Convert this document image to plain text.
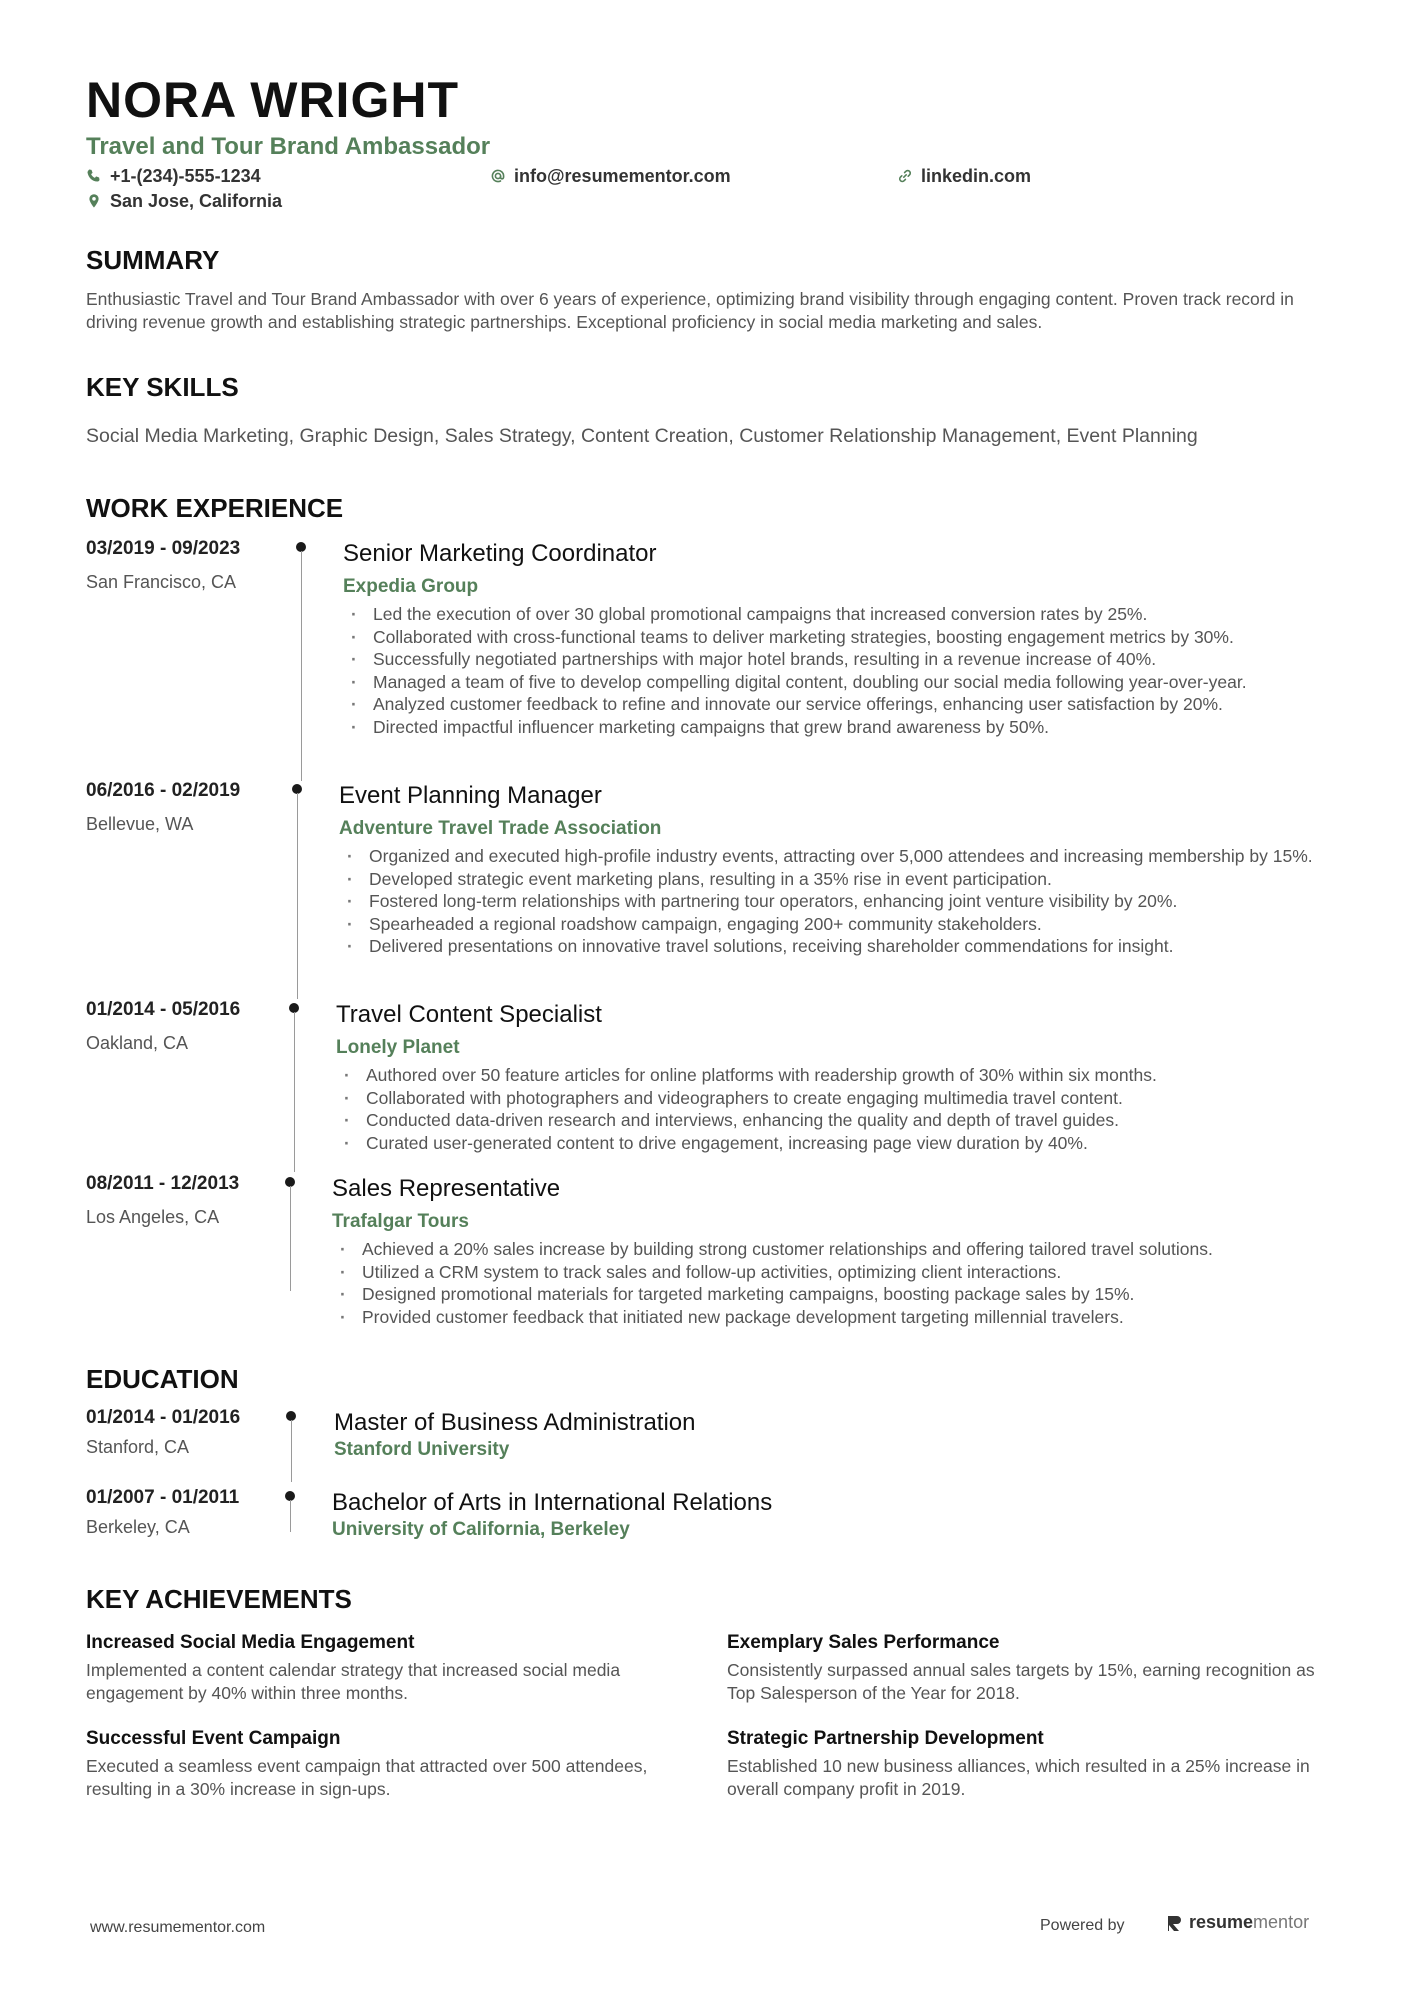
NORA WRIGHT
Travel and Tour Brand Ambassador
+1-(234)-555-1234	info@resumementor.com	linkedin.com
San Jose, California
SUMMARY

Enthusiastic Travel and Tour Brand Ambassador with over 6 years of experience, optimizing brand visibility through engaging content. Proven track record in driving revenue growth and establishing strategic partnerships. Exceptional proficiency in social media marketing and sales.

KEY SKILLS
Social Media Marketing, Graphic Design, Sales Strategy, Content Creation, Customer Relationship Management, Event Planning
WORK EXPERIENCE
03/2019 - 09/2023
San Francisco, CA
Senior Marketing Coordinator
Expedia Group
· Led the execution of over 30 global promotional campaigns that increased conversion rates by 25%.
· Collaborated with cross-functional teams to deliver marketing strategies, boosting engagement metrics by 30%.
· Successfully negotiated partnerships with major hotel brands, resulting in a revenue increase of 40%.
· Managed a team of five to develop compelling digital content, doubling our social media following year-over-year.
· Analyzed customer feedback to refine and innovate our service offerings, enhancing user satisfaction by 20%.
· Directed impactful influencer marketing campaigns that grew brand awareness by 50%.
06/2016 - 02/2019
Bellevue, WA
Event Planning Manager
Adventure Travel Trade Association
· Organized and executed high-profile industry events, attracting over 5,000 attendees and increasing membership by 15%.
· Developed strategic event marketing plans, resulting in a 35% rise in event participation.
· Fostered long-term relationships with partnering tour operators, enhancing joint venture visibility by 20%.
· Spearheaded a regional roadshow campaign, engaging 200+ community stakeholders.
· Delivered presentations on innovative travel solutions, receiving shareholder commendations for insight.
01/2014 - 05/2016
Oakland, CA
Travel Content Specialist
Lonely Planet
· Authored over 50 feature articles for online platforms with readership growth of 30% within six months.
· Collaborated with photographers and videographers to create engaging multimedia travel content.
· Conducted data-driven research and interviews, enhancing the quality and depth of travel guides.
· Curated user-generated content to drive engagement, increasing page view duration by 40%.
08/2011 - 12/2013
Los Angeles, CA
Sales Representative
Trafalgar Tours
· Achieved a 20% sales increase by building strong customer relationships and offering tailored travel solutions.
· Utilized a CRM system to track sales and follow-up activities, optimizing client interactions.
· Designed promotional materials for targeted marketing campaigns, boosting package sales by 15%.
· Provided customer feedback that initiated new package development targeting millennial travelers.
EDUCATION
01/2014 - 01/2016
Stanford, CA
Master of Business Administration
Stanford University
01/2007 - 01/2011
Berkeley, CA
Bachelor of Arts in International Relations
University of California, Berkeley
KEY ACHIEVEMENTS
Increased Social Media Engagement
Implemented a content calendar strategy that increased social media engagement by 40% within three months.
Exemplary Sales Performance
Consistently surpassed annual sales targets by 15%, earning recognition as Top Salesperson of the Year for 2018.
Successful Event Campaign
Executed a seamless event campaign that attracted over 500 attendees, resulting in a 30% increase in sign-ups.
Strategic Partnership Development
Established 10 new business alliances, which resulted in a 25% increase in overall company profit in 2019.
www.resumementor.com	Powered by	resume mentor
